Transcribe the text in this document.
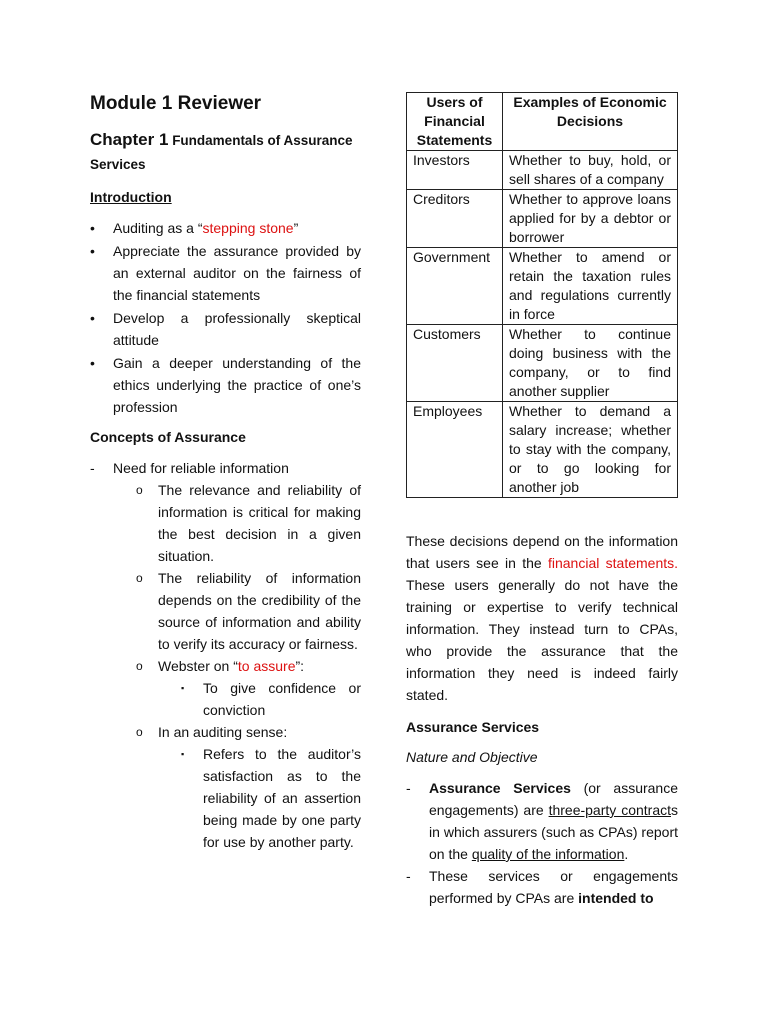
Module 1 Reviewer
Chapter 1 Fundamentals of Assurance Services
Introduction
• Auditing as a “stepping stone”
• Appreciate the assurance provided by an external auditor on the fairness of the financial statements
• Develop a professionally skeptical attitude
• Gain a deeper understanding of the ethics underlying the practice of one’s profession
Concepts of Assurance
- Need for reliable information
o The relevance and reliability of information is critical for making the best decision in a given situation.
o The reliability of information depends on the credibility of the source of information and ability to verify its accuracy or fairness.
o Webster on “to assure”:
▪ To give confidence or conviction
o In an auditing sense:
▪ Refers to the auditor’s satisfaction as to the reliability of an assertion being made by one party for use by another party.
Users of Financial Statements	Examples of Economic Decisions
Investors	Whether to buy, hold, or sell shares of a company
Creditors	Whether to approve loans applied for by a debtor or borrower
Government	Whether to amend or retain the taxation rules and regulations currently in force
Customers	Whether to continue doing business with the company, or to find another supplier
Employees	Whether to demand a salary increase; whether to stay with the company, or to go looking for another job

These decisions depend on the information that users see in the financial statements. These users generally do not have the training or expertise to verify technical information. They instead turn to CPAs, who provide the assurance that the information they need is indeed fairly stated.

Assurance Services
Nature and Objective
- Assurance Services (or assurance engagements) are three-party contracts in which assurers (such as CPAs) report on the quality of the information.
- These services or engagements performed by CPAs are intended to
